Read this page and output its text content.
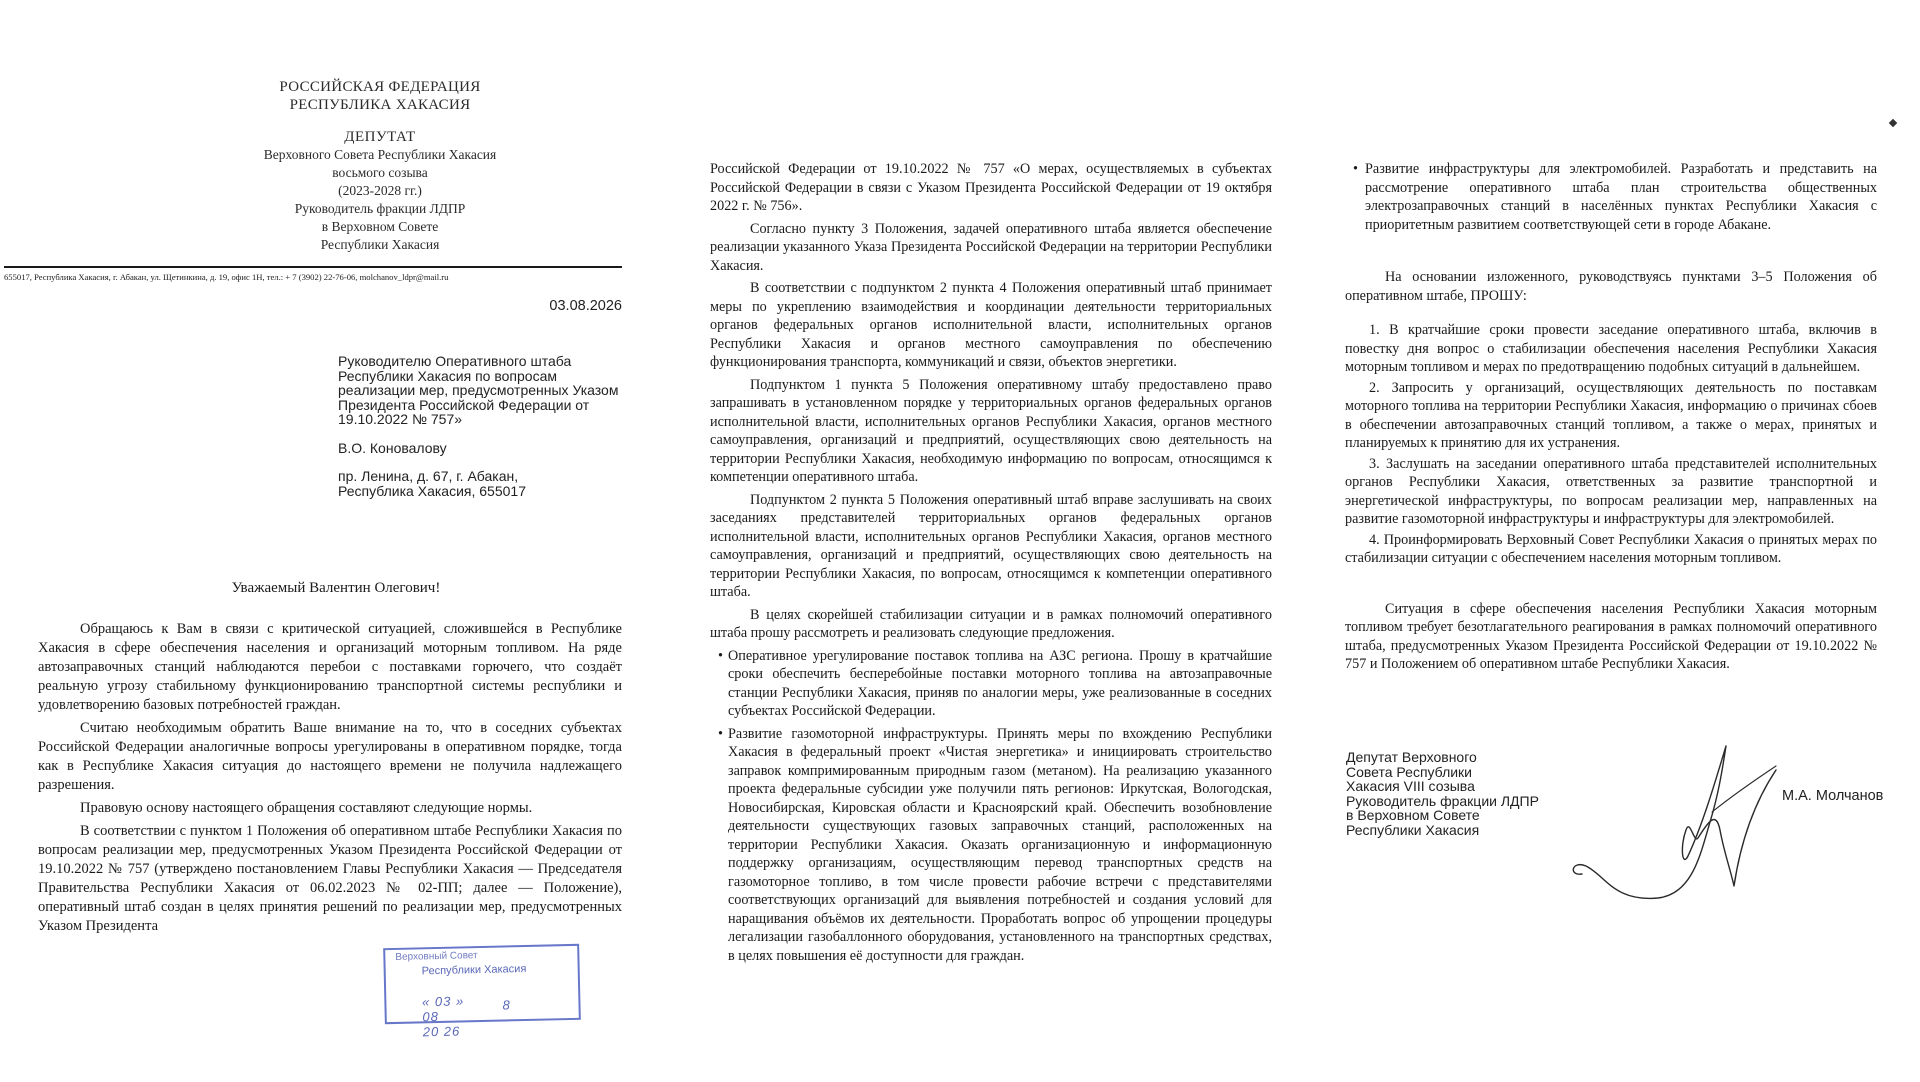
РОССИЙСКАЯ ФЕДЕРАЦИЯ
РЕСПУБЛИКА ХАКАСИЯ
ДЕПУТАТ
Верховного Совета Республики Хакасия
восьмого созыва
(2023-2028 гг.)
Руководитель фракции ЛДПР
в Верховном Совете
Республики Хакасия
655017, Республика Хакасия, г. Абакан, ул. Щетинкина, д. 19, офис 1Н, тел.: + 7 (3902) 22-76-06, molchanov_ldpr@mail.ru
03.08.2026
Руководителю Оперативного штаба Республики Хакасия по вопросам реализации мер, предусмотренных Указом Президента Российской Федерации от 19.10.2022 № 757»
В.О. Коновалову
пр. Ленина, д. 67, г. Абакан,
Республика Хакасия, 655017
Уважаемый Валентин Олегович!

Обращаюсь к Вам в связи с критической ситуацией, сложившейся в Республике Хакасия в сфере обеспечения населения и организаций моторным топливом. На ряде автозаправочных станций наблюдаются перебои с поставками горючего, что создаёт реальную угрозу стабильному функционированию транспортной системы республики и удовлетворению базовых потребностей граждан.

Считаю необходимым обратить Ваше внимание на то, что в соседних субъектах Российской Федерации аналогичные вопросы урегулированы в оперативном порядке, тогда как в Республике Хакасия ситуация до настоящего времени не получила надлежащего разрешения.

Правовую основу настоящего обращения составляют следующие нормы.

В соответствии с пунктом 1 Положения об оперативном штабе Республики Хакасия по вопросам реализации мер, предусмотренных Указом Президента Российской Федерации от 19.10.2022 № 757 (утверждено постановлением Главы Республики Хакасия — Председателя Правительства Республики Хакасия от 06.02.2023 № 02-ПП; далее — Положение), оперативный штаб создан в целях принятия решений по реализации мер, предусмотренных Указом Президента

Верховный Совет
Республики Хакасия

« 03 »
08
20 26

8

Российской Федерации от 19.10.2022 № 757 «О мерах, осуществляемых в субъектах Российской Федерации в связи с Указом Президента Российской Федерации от 19 октября 2022 г. № 756».

Согласно пункту 3 Положения, задачей оперативного штаба является обеспечение реализации указанного Указа Президента Российской Федерации на территории Республики Хакасия.

В соответствии с подпунктом 2 пункта 4 Положения оперативный штаб принимает меры по укреплению взаимодействия и координации деятельности территориальных органов федеральных органов исполнительной власти, исполнительных органов Республики Хакасия и органов местного самоуправления по обеспечению функционирования транспорта, коммуникаций и связи, объектов энергетики.

Подпунктом 1 пункта 5 Положения оперативному штабу предоставлено право запрашивать в установленном порядке у территориальных органов федеральных органов исполнительной власти, исполнительных органов Республики Хакасия, органов местного самоуправления, организаций и предприятий, осуществляющих свою деятельность на территории Республики Хакасия, необходимую информацию по вопросам, относящимся к компетенции оперативного штаба.

Подпунктом 2 пункта 5 Положения оперативный штаб вправе заслушивать на своих заседаниях представителей территориальных органов федеральных органов исполнительной власти, исполнительных органов Республики Хакасия, органов местного самоуправления, организаций и предприятий, осуществляющих свою деятельность на территории Республики Хакасия, по вопросам, относящимся к компетенции оперативного штаба.

В целях скорейшей стабилизации ситуации и в рамках полномочий оперативного штаба прошу рассмотреть и реализовать следующие предложения.

• Оперативное урегулирование поставок топлива на АЗС региона. Прошу в кратчайшие сроки обеспечить бесперебойные поставки моторного топлива на автозаправочные станции Республики Хакасия, приняв по аналогии меры, уже реализованные в соседних субъектах Российской Федерации.

• Развитие газомоторной инфраструктуры. Принять меры по вхождению Республики Хакасия в федеральный проект «Чистая энергетика» и инициировать строительство заправок компримированным природным газом (метаном). На реализацию указанного проекта федеральные субсидии уже получили пять регионов: Иркутская, Вологодская, Новосибирская, Кировская области и Красноярский край. Обеспечить возобновление деятельности существующих газовых заправочных станций, расположенных на территории Республики Хакасия. Оказать организационную и информационную поддержку организациям, осуществляющим перевод транспортных средств на газомоторное топливо, в том числе провести рабочие встречи с представителями соответствующих организаций для выявления потребностей и создания условий для наращивания объёмов их деятельности. Проработать вопрос об упрощении процедуры легализации газобаллонного оборудования, установленного на транспортных средствах, в целях повышения её доступности для граждан.

• Развитие инфраструктуры для электромобилей. Разработать и представить на рассмотрение оперативного штаба план строительства общественных электрозаправочных станций в населённых пунктах Республики Хакасия с приоритетным развитием соответствующей сети в городе Абакане.

На основании изложенного, руководствуясь пунктами 3–5 Положения об оперативном штабе, ПРОШУ:

1. В кратчайшие сроки провести заседание оперативного штаба, включив в повестку дня вопрос о стабилизации обеспечения населения Республики Хакасия моторным топливом и мерах по предотвращению подобных ситуаций в дальнейшем.

2. Запросить у организаций, осуществляющих деятельность по поставкам моторного топлива на территории Республики Хакасия, информацию о причинах сбоев в обеспечении автозаправочных станций топливом, а также о мерах, принятых и планируемых к принятию для их устранения.

3. Заслушать на заседании оперативного штаба представителей исполнительных органов Республики Хакасия, ответственных за развитие транспортной и энергетической инфраструктуры, по вопросам реализации мер, направленных на развитие газомоторной инфраструктуры и инфраструктуры для электромобилей.

4. Проинформировать Верховный Совет Республики Хакасия о принятых мерах по стабилизации ситуации с обеспечением населения моторным топливом.

Ситуация в сфере обеспечения населения Республики Хакасия моторным топливом требует безотлагательного реагирования в рамках полномочий оперативного штаба, предусмотренных Указом Президента Российской Федерации от 19.10.2022 № 757 и Положением об оперативном штабе Республики Хакасия.

Депутат Верховного
Совета Республики
Хакасия VIII созыва
Руководитель фракции ЛДПР
в Верховном Совете
Республики Хакасия
М.А. Молчанов
